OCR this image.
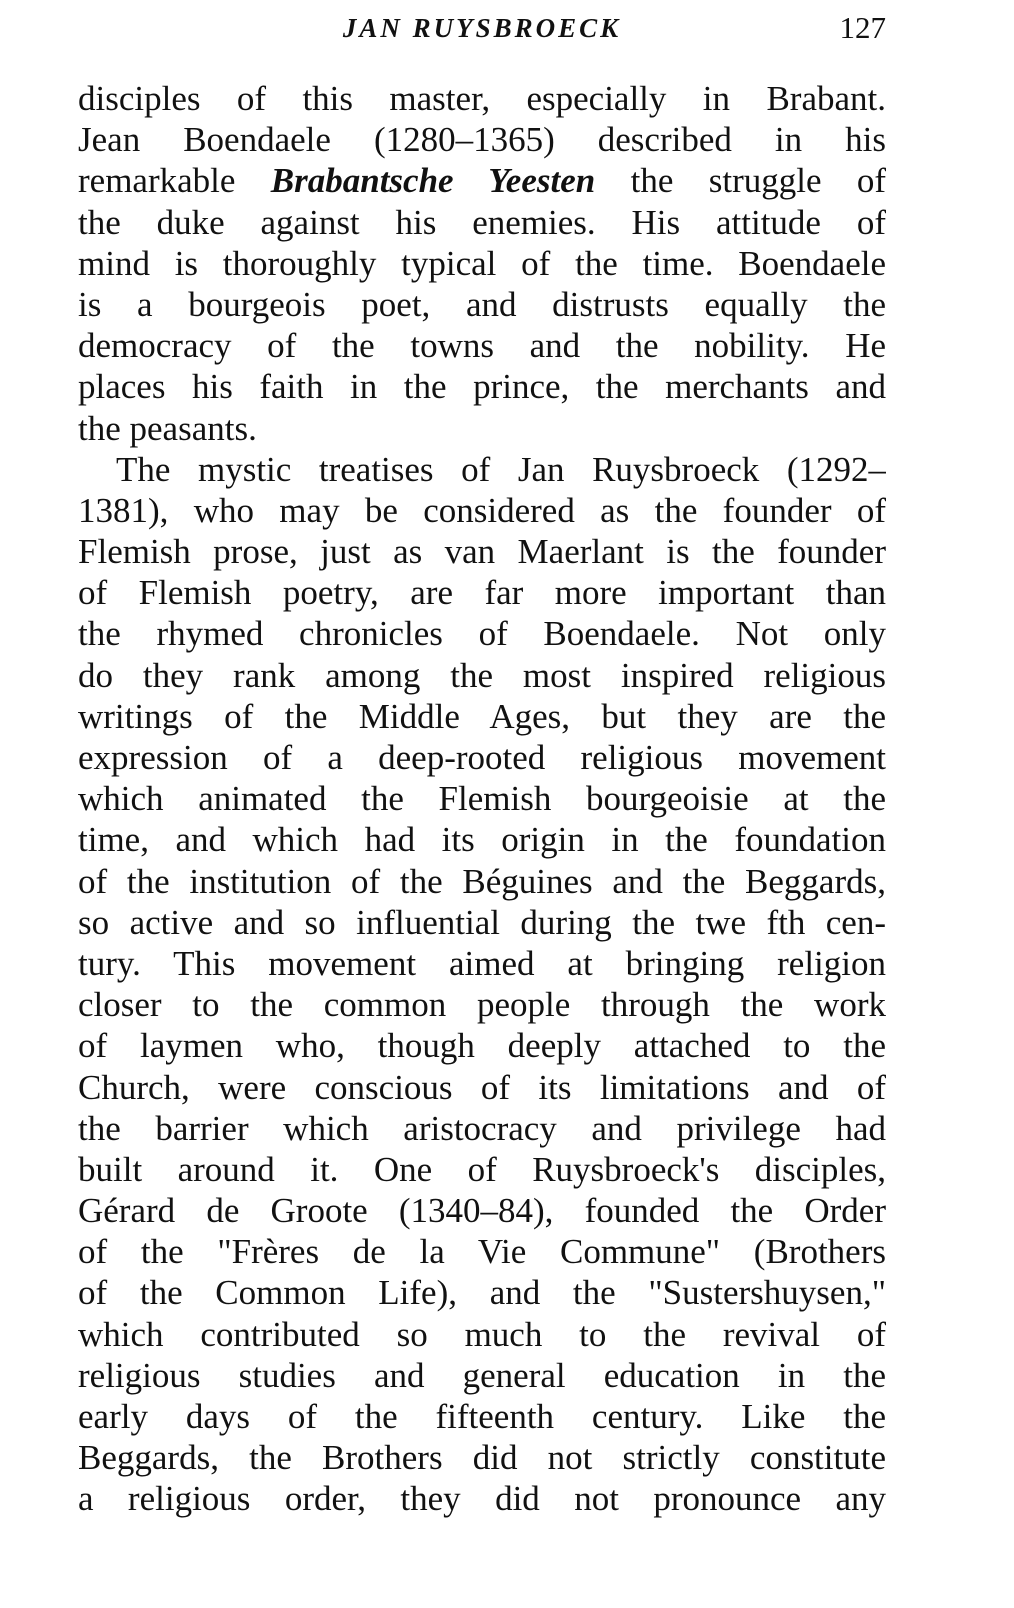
JAN RUYSBROECK	127
disciples of this master, especially in Brabant.
Jean Boendaele (1280–1365) described in his
remarkable Brabantsche Yeesten the struggle of
the duke against his enemies. His attitude of
mind is thoroughly typical of the time. Boendaele
is a bourgeois poet, and distrusts equally the
democracy of the towns and the nobility. He
places his faith in the prince, the merchants and
the peasants.
The mystic treatises of Jan Ruysbroeck (1292–
1381), who may be considered as the founder of
Flemish prose, just as van Maerlant is the founder
of Flemish poetry, are far more important than
the rhymed chronicles of Boendaele. Not only
do they rank among the most inspired religious
writings of the Middle Ages, but they are the
expression of a deep-rooted religious movement
which animated the Flemish bourgeoisie at the
time, and which had its origin in the foundation
of the institution of the Béguines and the Beggards,
so active and so influential during the twe fth cen-
tury. This movement aimed at bringing religion
closer to the common people through the work
of laymen who, though deeply attached to the
Church, were conscious of its limitations and of
the barrier which aristocracy and privilege had
built around it. One of Ruysbroeck's disciples,
Gérard de Groote (1340–84), founded the Order
of the "Frères de la Vie Commune" (Brothers
of the Common Life), and the "Sustershuysen,"
which contributed so much to the revival of
religious studies and general education in the
early days of the fifteenth century. Like the
Beggards, the Brothers did not strictly constitute
a religious order, they did not pronounce any
